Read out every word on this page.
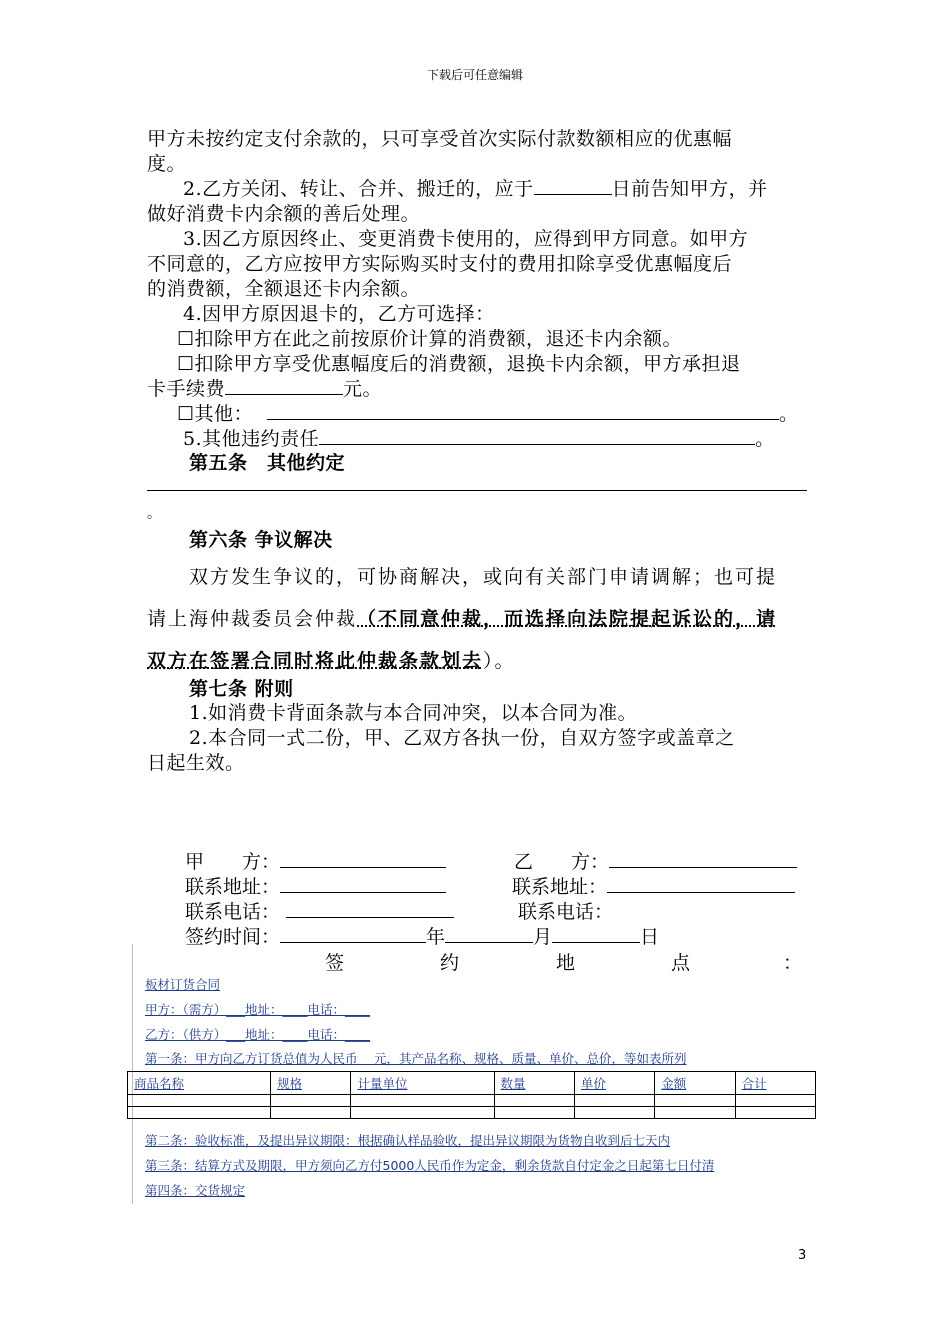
下载后可任意编辑
甲方未按约定支付余款的，只可享受首次实际付款数额相应的优惠幅
度。
2.乙方关闭、转让、合并、搬迁的，应于	日前告知甲方，并
做好消费卡内余额的善后处理。
3.因乙方原因终止、变更消费卡使用的，应得到甲方同意。如甲方
不同意的，乙方应按甲方实际购买时支付的费用扣除享受优惠幅度后
的消费额，全额退还卡内余额。
4.因甲方原因退卡的，乙方可选择：
☐扣除甲方在此之前按原价计算的消费额，退还卡内余额。
☐扣除甲方享受优惠幅度后的消费额，退换卡内余额，甲方承担退
卡手续费	元。
☐其他：	。
5.其他违约责任	。
第五条　其他约定
。
第六条 争议解决
双方发生争议的，可协商解决，或向有关部门申请调解；也可提
请上海仲裁委员会仲裁（不同意仲裁，而选择向法院提起诉讼的，请
双方在签署合同时将此仲裁条款划去）。
第七条 附则
1.如消费卡背面条款与本合同冲突，以本合同为准。
2.本合同一式二份，甲、乙双方各执一份，自双方签字或盖章之
日起生效。
甲　　方：	乙　　方：
联系地址：	联系地址：
联系电话：	联系电话：
签约时间：	年	月	日
签	约	地	点	：
板材订货合同
甲方：（需方）___地址：____电话：____
乙方：（供方）___地址：____电话：____
第一条：甲方向乙方订货总值为人民币　 元，其产品名称、规格、质量、单价、总价，等如表所列
商品名称	规格	计量单位	数量	单价	金额	合计

第二条：验收标准，及提出异议期限：根据确认样品验收，提出异议期限为货物自收到后七天内
第三条：结算方式及期限，甲方须向乙方付5000人民币作为定金，剩余货款自付定金之日起第七日付清
第四条：交货规定
3
